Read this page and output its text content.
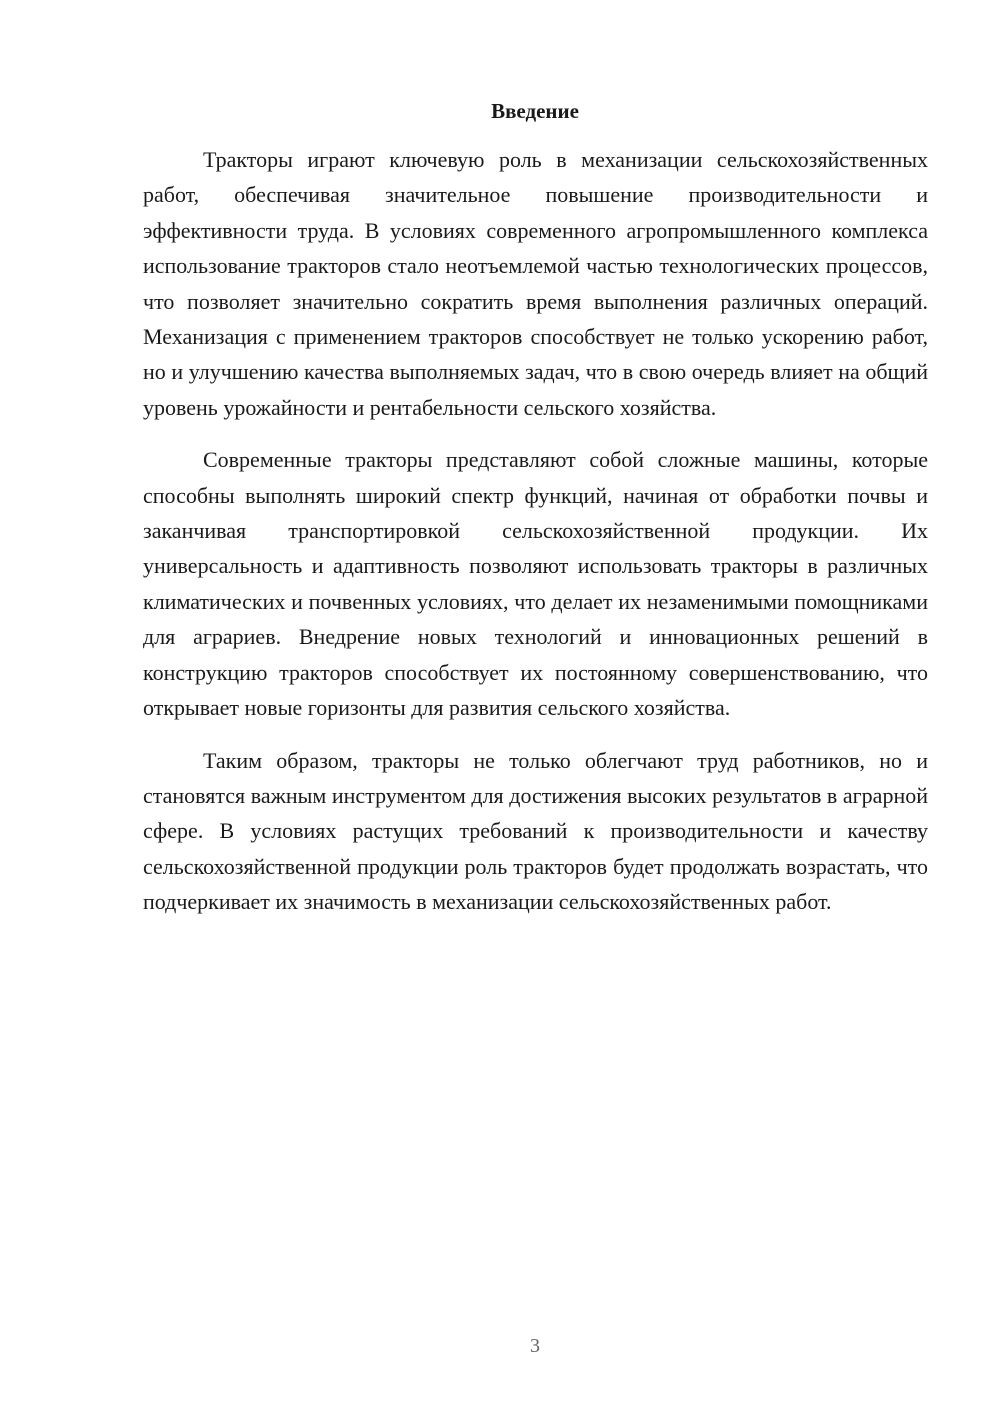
Введение

Тракторы играют ключевую роль в механизации сельскохозяйственных работ, обеспечивая значительное повышение производительности и эффективности труда. В условиях современного агропромышленного комплекса использование тракторов стало неотъемлемой частью технологических процессов, что позволяет значительно сократить время выполнения различных операций. Механизация с применением тракторов способствует не только ускорению работ, но и улучшению качества выполняемых задач, что в свою очередь влияет на общий уровень урожайности и рентабельности сельского хозяйства.

Современные тракторы представляют собой сложные машины, которые способны выполнять широкий спектр функций, начиная от обработки почвы и заканчивая транспортировкой сельскохозяйственной продукции. Их универсальность и адаптивность позволяют использовать тракторы в различных климатических и почвенных условиях, что делает их незаменимыми помощниками для аграриев. Внедрение новых технологий и инновационных решений в конструкцию тракторов способствует их постоянному совершенствованию, что открывает новые горизонты для развития сельского хозяйства.

Таким образом, тракторы не только облегчают труд работников, но и становятся важным инструментом для достижения высоких результатов в аграрной сфере. В условиях растущих требований к производительности и качеству сельскохозяйственной продукции роль тракторов будет продолжать возрастать, что подчеркивает их значимость в механизации сельскохозяйственных работ.

3
